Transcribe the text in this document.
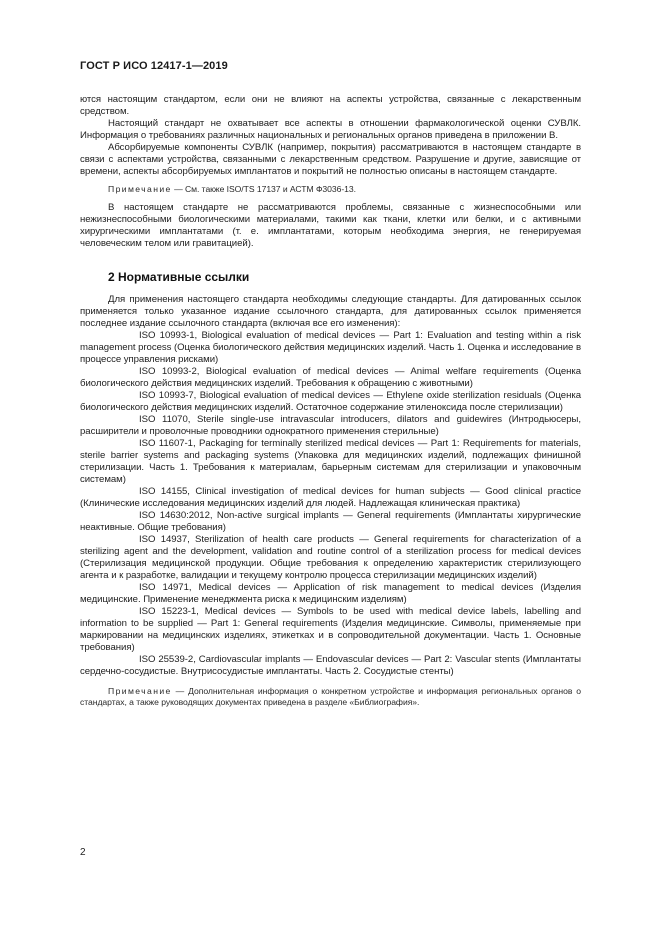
ГОСТ Р ИСО 12417-1—2019

ются настоящим стандартом, если они не влияют на аспекты устройства, связанные с лекарственным средством.

Настоящий стандарт не охватывает все аспекты в отношении фармакологической оценки СУВЛК. Информация о требованиях различных национальных и региональных органов приведена в приложении В.

Абсорбируемые компоненты СУВЛК (например, покрытия) рассматриваются в настоящем стандарте в связи с аспектами устройства, связанными с лекарственным средством. Разрушение и другие, зависящие от времени, аспекты абсорбируемых имплантатов и покрытий не полностью описаны в настоящем стандарте.

Примечание — См. также ISO/TS 17137 и АСТМ Ф3036-13.

В настоящем стандарте не рассматриваются проблемы, связанные с жизнеспособными или нежизнеспособными биологическими материалами, такими как ткани, клетки или белки, и с активными хирургическими имплантатами (т. е. имплантатами, которым необходима энергия, не генерируемая человеческим телом или гравитацией).

2 Нормативные ссылки

Для применения настоящего стандарта необходимы следующие стандарты. Для датированных ссылок применяется только указанное издание ссылочного стандарта, для датированных ссылок применяется последнее издание ссылочного стандарта (включая все его изменения):

ISO 10993-1, Biological evaluation of medical devices — Part 1: Evaluation and testing within a risk management process (Оценка биологического действия медицинских изделий. Часть 1. Оценка и исследование в процессе управления рисками)

ISO 10993-2, Biological evaluation of medical devices — Animal welfare requirements (Оценка биологического действия медицинских изделий. Требования к обращению с животными)

ISO 10993-7, Biological evaluation of medical devices — Ethylene oxide sterilization residuals (Оценка биологического действия медицинских изделий. Остаточное содержание этиленоксида после стерилизации)

ISO 11070, Sterile single-use intravascular introducers, dilators and guidewires (Интродьюсеры, расширители и проволочные проводники однократного применения стерильные)

ISO 11607-1, Packaging for terminally sterilized medical devices — Part 1: Requirements for materials, sterile barrier systems and packaging systems (Упаковка для медицинских изделий, подлежащих финишной стерилизации. Часть 1. Требования к материалам, барьерным системам для стерилизации и упаковочным системам)

ISO 14155, Clinical investigation of medical devices for human subjects — Good clinical practice (Клинические исследования медицинских изделий для людей. Надлежащая клиническая практика)

ISO 14630:2012, Non-active surgical implants — General requirements (Имплантаты хирургические неактивные. Общие требования)

ISO 14937, Sterilization of health care products — General requirements for characterization of a sterilizing agent and the development, validation and routine control of a sterilization process for medical devices (Стерилизация медицинской продукции. Общие требования к определению характеристик стерилизующего агента и к разработке, валидации и текущему контролю процесса стерилизации медицинских изделий)

ISO 14971, Medical devices — Application of risk management to medical devices (Изделия медицинские. Применение менеджмента риска к медицинским изделиям)

ISO 15223-1, Medical devices — Symbols to be used with medical device labels, labelling and information to be supplied — Part 1: General requirements (Изделия медицинские. Символы, применяемые при маркировании на медицинских изделиях, этикетках и в сопроводительной документации. Часть 1. Основные требования)

ISO 25539-2, Cardiovascular implants — Endovascular devices — Part 2: Vascular stents (Имплантаты сердечно-сосудистые. Внутрисосудистые имплантаты. Часть 2. Сосудистые стенты)

Примечание — Дополнительная информация о конкретном устройстве и информация региональных органов о стандартах, а также руководящих документах приведена в разделе «Библиография».

2
